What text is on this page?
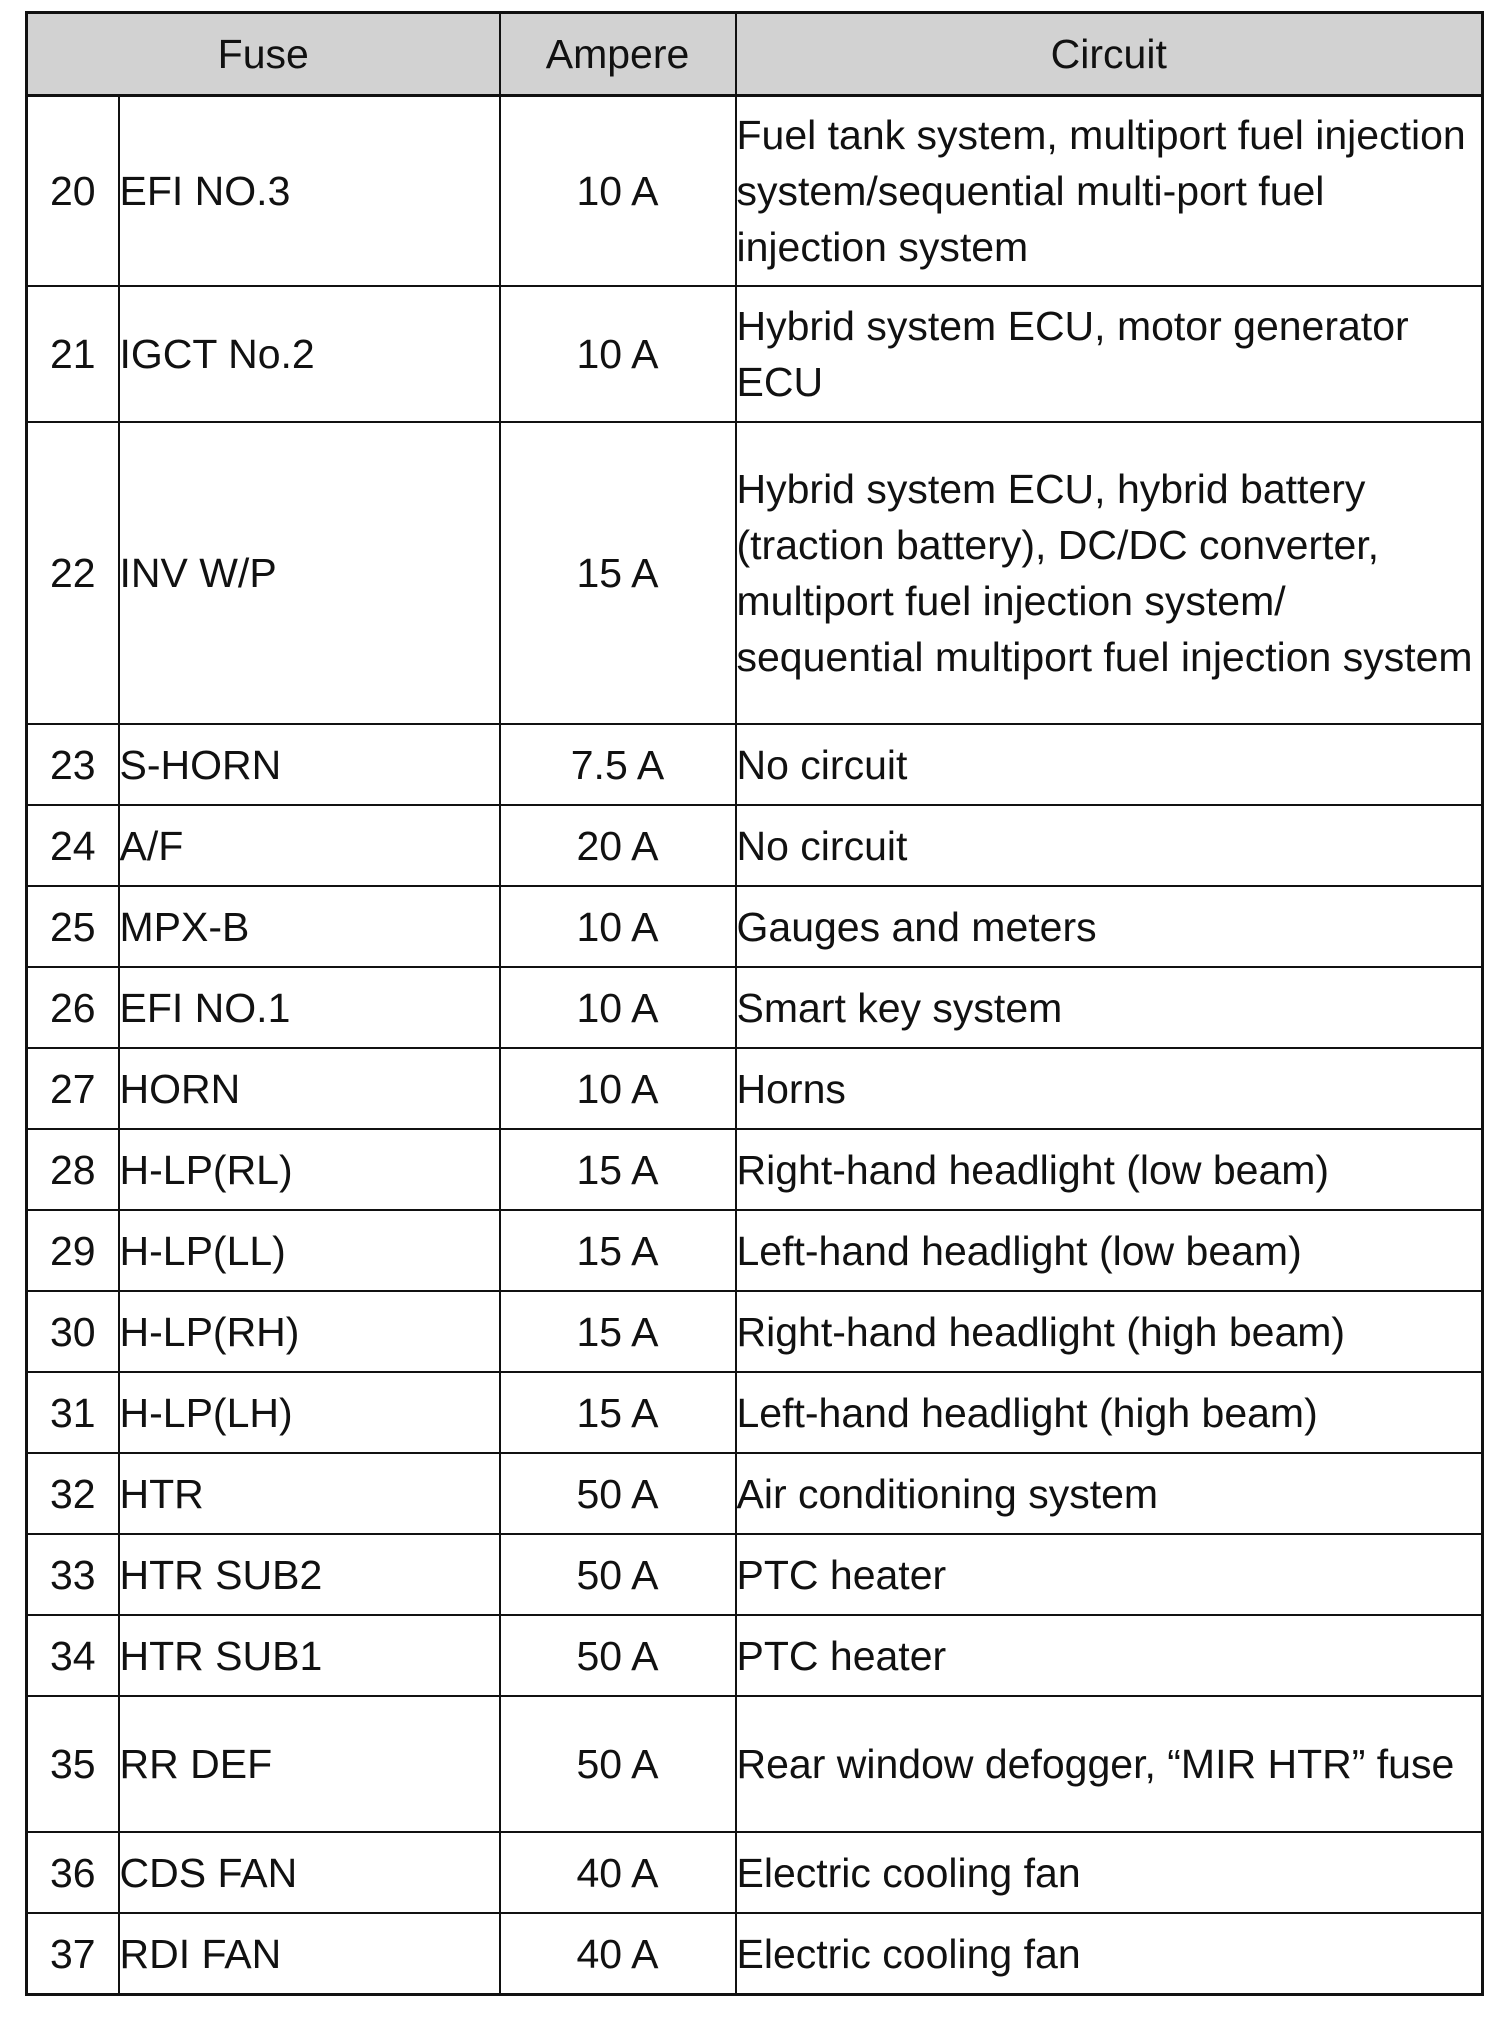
Fuse		Ampere	Circuit
20	EFI NO.3	10 A	Fuel tank system, multiport fuel injection system/sequential multi-port fuel injection system
21	IGCT No.2	10 A	Hybrid system ECU, motor generator ECU
22	INV W/P	15 A	Hybrid system ECU, hybrid battery (traction battery), DC/DC converter, multiport fuel injection system/ sequential multiport fuel injection system
23	S-HORN	7.5 A	No circuit
24	A/F	20 A	No circuit
25	MPX-B	10 A	Gauges and meters
26	EFI NO.1	10 A	Smart key system
27	HORN	10 A	Horns
28	H-LP(RL)	15 A	Right-hand headlight (low beam)
29	H-LP(LL)	15 A	Left-hand headlight (low beam)
30	H-LP(RH)	15 A	Right-hand headlight (high beam)
31	H-LP(LH)	15 A	Left-hand headlight (high beam)
32	HTR	50 A	Air conditioning system
33	HTR SUB2	50 A	PTC heater
34	HTR SUB1	50 A	PTC heater
35	RR DEF	50 A	Rear window defogger, “MIR HTR” fuse
36	CDS FAN	40 A	Electric cooling fan
37	RDI FAN	40 A	Electric cooling fan
